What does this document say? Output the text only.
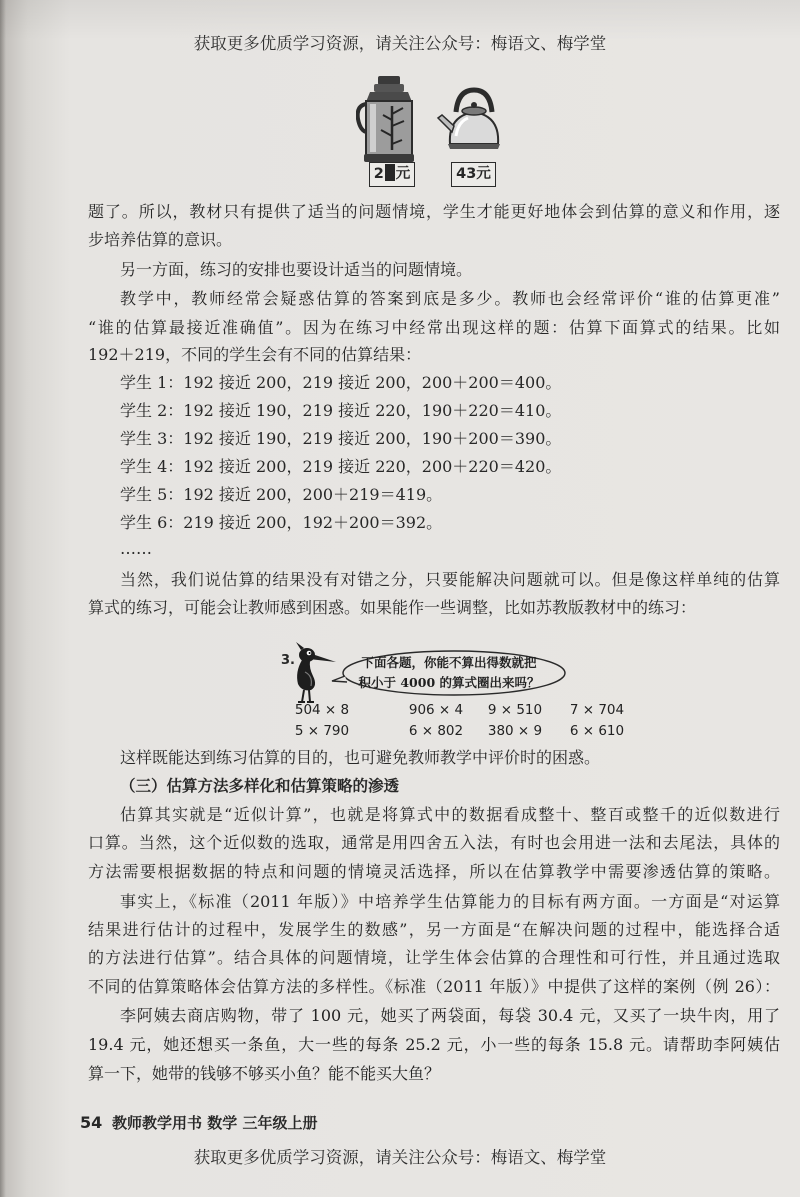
获取更多优质学习资源，请关注公众号：梅语文、梅学堂
2 元	43元
题了。所以，教材只有提供了适当的问题情境，学生才能更好地体会到估算的意义和作用，逐
步培养估算的意识。
另一方面，练习的安排也要设计适当的问题情境。
教学中，教师经常会疑惑估算的答案到底是多少。教师也会经常评价“谁的估算更准”
“谁的估算最接近准确值”。因为在练习中经常出现这样的题：估算下面算式的结果。比如
192＋219，不同的学生会有不同的估算结果：
学生 1：192 接近 200，219 接近 200，200＋200＝400。
学生 2：192 接近 190，219 接近 220，190＋220＝410。
学生 3：192 接近 190，219 接近 200，190＋200＝390。
学生 4：192 接近 200，219 接近 220，200＋220＝420。
学生 5：192 接近 200，200＋219＝419。
学生 6：219 接近 200，192＋200＝392。
……
当然，我们说估算的结果没有对错之分，只要能解决问题就可以。但是像这样单纯的估算
算式的练习，可能会让教师感到困惑。如果能作一些调整，比如苏教版教材中的练习：
3.	下面各题，你能不算出得数就把
积小于 4000 的算式圈出来吗？
504 × 8	906 × 4	9 × 510	7 × 704
5 × 790	6 × 802	380 × 9	6 × 610
这样既能达到练习估算的目的，也可避免教师教学中评价时的困惑。
（三）估算方法多样化和估算策略的渗透
估算其实就是“近似计算”，也就是将算式中的数据看成整十、整百或整千的近似数进行
口算。当然，这个近似数的选取，通常是用四舍五入法，有时也会用进一法和去尾法，具体的
方法需要根据数据的特点和问题的情境灵活选择，所以在估算教学中需要渗透估算的策略。
事实上，《标准（2011 年版）》中培养学生估算能力的目标有两方面。一方面是“对运算
结果进行估计的过程中，发展学生的数感”，另一方面是“在解决问题的过程中，能选择合适
的方法进行估算”。结合具体的问题情境，让学生体会估算的合理性和可行性，并且通过选取
不同的估算策略体会估算方法的多样性。《标准（2011 年版）》中提供了这样的案例（例 26）：
李阿姨去商店购物，带了 100 元，她买了两袋面，每袋 30.4 元，又买了一块牛肉，用了
19.4 元，她还想买一条鱼，大一些的每条 25.2 元，小一些的每条 15.8 元。请帮助李阿姨估
算一下，她带的钱够不够买小鱼？能不能买大鱼？
54 教师教学用书 数学 三年级上册
获取更多优质学习资源，请关注公众号：梅语文、梅学堂
